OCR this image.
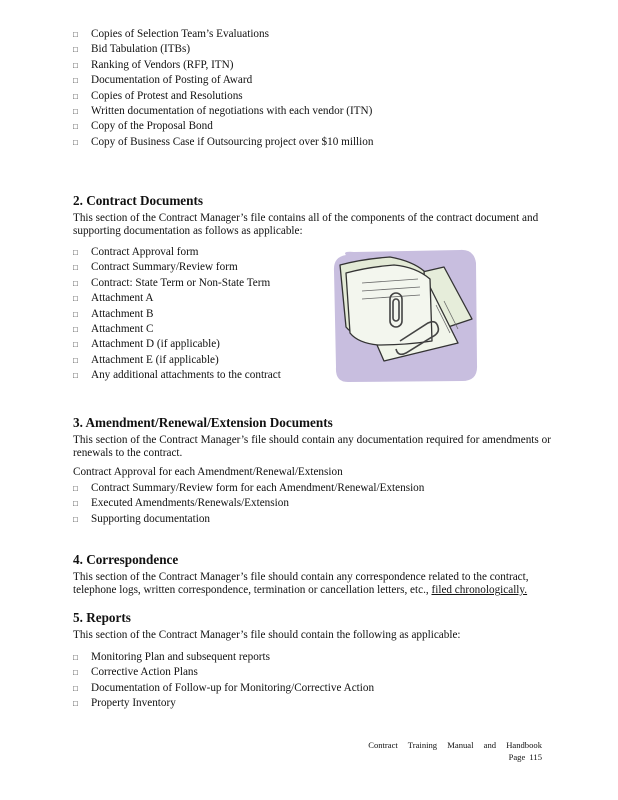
□ Copies of Selection Team’s Evaluations
□ Bid Tabulation (ITBs)
□ Ranking of Vendors (RFP, ITN)
□ Documentation of Posting of Award
□ Copies of Protest and Resolutions
□ Written documentation of negotiations with each vendor (ITN)
□ Copy of the Proposal Bond
□ Copy of Business Case if Outsourcing project over $10 million
2. Contract Documents

This section of the Contract Manager’s file contains all of the components of the contract document and supporting documentation as follows as applicable:

□ Contract Approval form
□ Contract Summary/Review form
□ Contract: State Term or Non-State Term
□ Attachment A
□ Attachment B
□ Attachment C
□ Attachment D (if applicable)
□ Attachment E (if applicable)
□ Any additional attachments to the contract
3. Amendment/Renewal/Extension Documents

This section of the Contract Manager’s file should contain any documentation required for amendments or renewals to the contract.

Contract Approval for each Amendment/Renewal/Extension

□ Contract Summary/Review form for each Amendment/Renewal/Extension
□ Executed Amendments/Renewals/Extension
□ Supporting documentation
4. Correspondence

This section of the Contract Manager’s file should contain any correspondence related to the contract, telephone logs, written correspondence, termination or cancellation letters, etc., filed chronologically.

5. Reports

This section of the Contract Manager’s file should contain the following as applicable:

□ Monitoring Plan and subsequent reports
□ Corrective Action Plans
□ Documentation of Follow-up for Monitoring/Corrective Action
□ Property Inventory
Contract Training Manual and Handbook
Page 115
